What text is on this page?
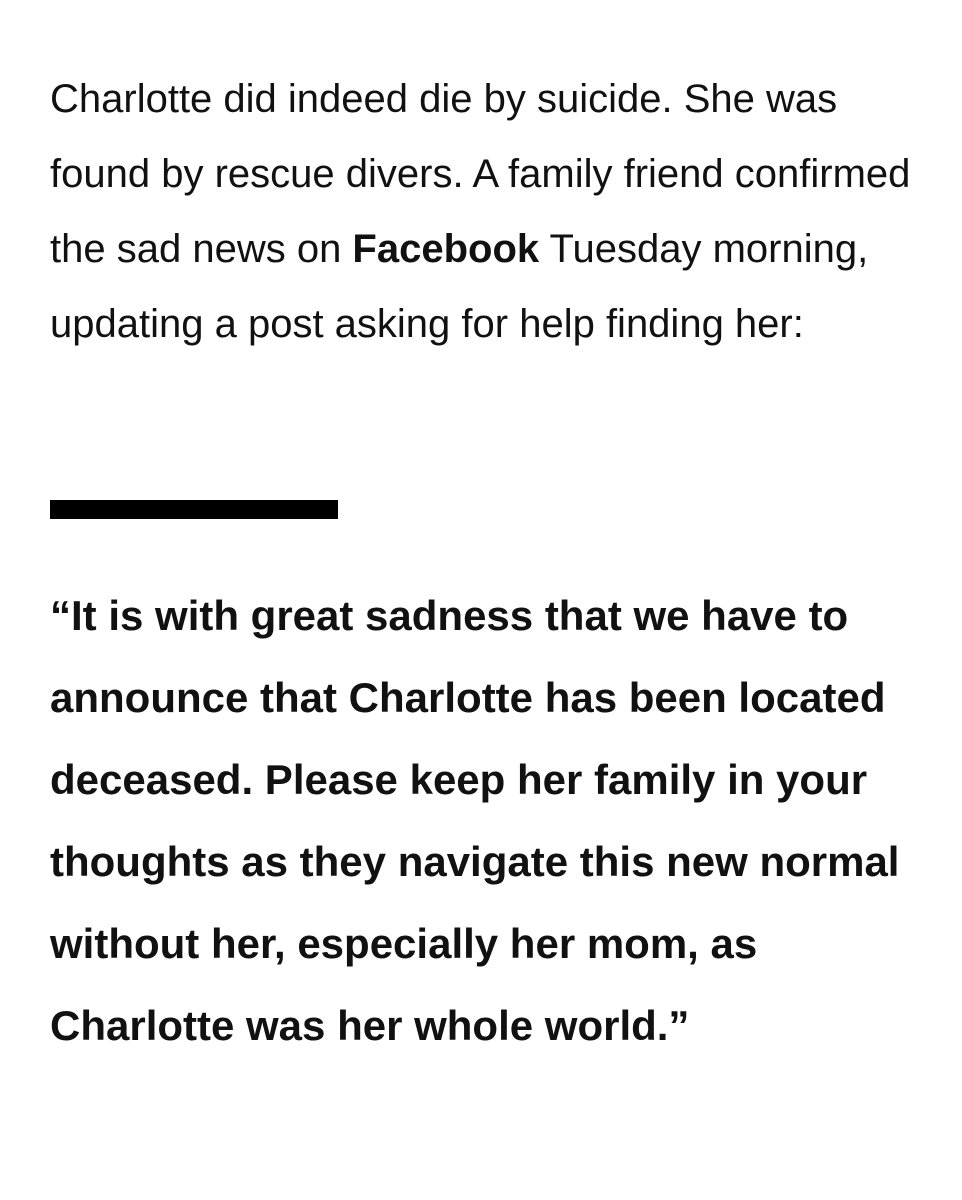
Charlotte did indeed die by suicide. She was found by rescue divers. A family friend confirmed the sad news on Facebook Tuesday morning, updating a post asking for help finding her:

“It is with great sadness that we have to announce that Charlotte has been located deceased. Please keep her family in your thoughts as they navigate this new normal without her, especially her mom, as Charlotte was her whole world.”
